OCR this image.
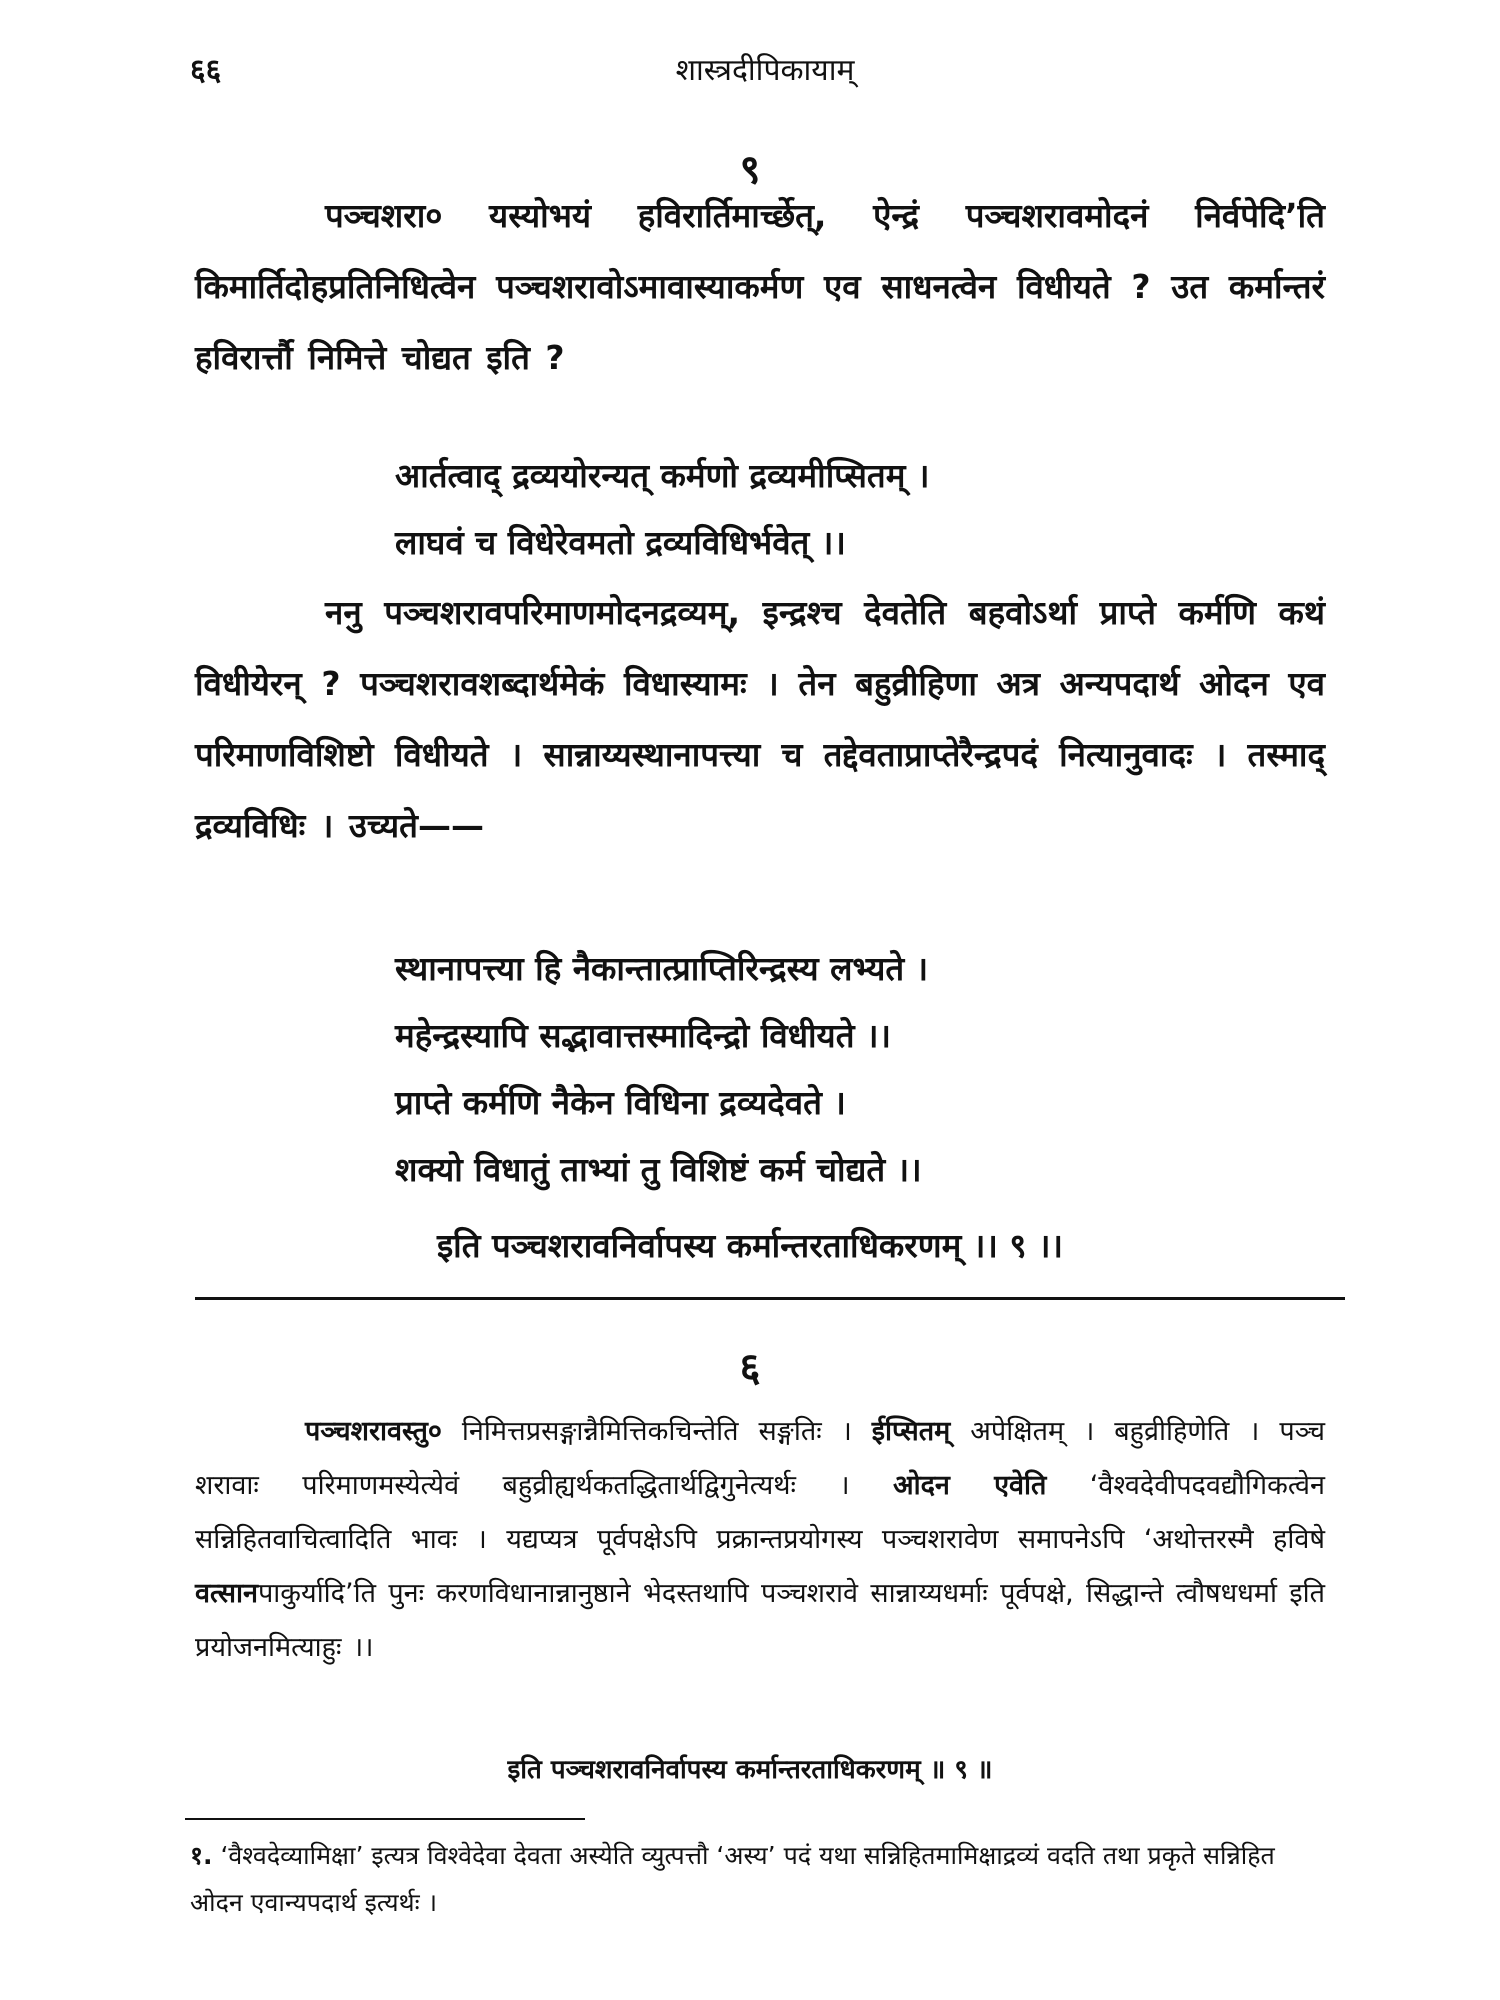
६६	शास्त्रदीपिकायाम्
९

पञ्चशरा० यस्योभयं हविरार्तिमार्च्छेत्, ऐन्द्रं पञ्चशरावमोदनं निर्वपेदि’ति किमार्तिदोहप्रतिनिधित्वेन पञ्चशरावोऽमावास्याकर्मण एव साधनत्वेन विधीयते ? उत कर्मान्तरं हविरार्त्तौ निमित्ते चोद्यत इति ?

आर्तत्वाद् द्रव्ययोरन्यत् कर्मणो द्रव्यमीप्सितम् ।
लाघवं च विधेरेवमतो द्रव्यविधिर्भवेत् ।।

ननु पञ्चशरावपरिमाणमोदनद्रव्यम्, इन्द्रश्च देवतेति बहवोऽर्था प्राप्ते कर्मणि कथं विधीयेरन् ? पञ्चशरावशब्दार्थमेकं विधास्यामः । तेन बहुव्रीहिणा अत्र अन्यपदार्थ ओदन एव परिमाणविशिष्टो विधीयते । सान्नाय्यस्थानापत्त्या च तद्देवताप्राप्तेरैन्द्रपदं नित्यानुवादः । तस्माद् द्रव्यविधिः । उच्यते——

स्थानापत्त्या हि नैकान्तात्प्राप्तिरिन्द्रस्य लभ्यते ।
महेन्द्रस्यापि सद्भावात्तस्मादिन्द्रो विधीयते ।।
प्राप्ते कर्मणि नैकेन विधिना द्रव्यदेवते ।
शक्यो विधातुं ताभ्यां तु विशिष्टं कर्म चोद्यते ।।
इति पञ्चशरावनिर्वापस्य कर्मान्तरताधिकरणम् ।। ९ ।।
६

पञ्चशरावस्तु० निमित्तप्रसङ्गान्नैमित्तिकचिन्तेति सङ्गतिः । ईप्सितम् अपेक्षितम् । बहुव्रीहिणेति । पञ्च शरावाः परिमाणमस्येत्येवं बहुव्रीह्यर्थकतद्धितार्थद्विगुनेत्यर्थः । ओदन एवेति ‘वैश्वदेवीपदवद्यौगिकत्वेन सन्निहितवाचित्वादिति भावः । यद्यप्यत्र पूर्वपक्षेऽपि प्रक्रान्तप्रयोगस्य पञ्चशरावेण समापनेऽपि ‘अथोत्तरस्मै हविषे वत्सानपाकुर्यादि’ति पुनः करणविधानान्नानुष्ठाने भेदस्तथापि पञ्चशरावे सान्नाय्यधर्माः पूर्वपक्षे, सिद्धान्ते त्वौषधधर्मा इति प्रयोजनमित्याहुः ।।

इति पञ्चशरावनिर्वापस्य कर्मान्तरताधिकरणम् ॥ ९ ॥
१. ‘वैश्वदेव्यामिक्षा’ इत्यत्र विश्वेदेवा देवता अस्येति व्युत्पत्तौ ‘अस्य’ पदं यथा सन्निहितमामिक्षाद्रव्यं वदति तथा प्रकृते सन्निहित ओदन एवान्यपदार्थ इत्यर्थः ।
